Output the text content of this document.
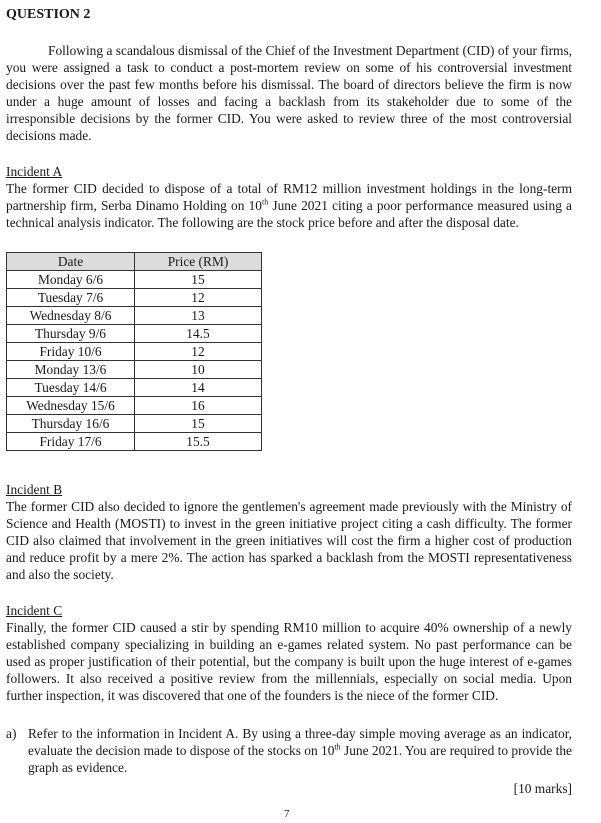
QUESTION 2

Following a scandalous dismissal of the Chief of the Investment Department (CID) of your firms, you were assigned a task to conduct a post-mortem review on some of his controversial investment decisions over the past few months before his dismissal. The board of directors believe the firm is now under a huge amount of losses and facing a backlash from its stakeholder due to some of the irresponsible decisions by the former CID. You were asked to review three of the most controversial decisions made.

Incident A

The former CID decided to dispose of a total of RM12 million investment holdings in the long-term partnership firm, Serba Dinamo Holding on 10th June 2021 citing a poor performance measured using a technical analysis indicator. The following are the stock price before and after the disposal date.

Date	Price (RM)
Monday 6/6	15
Tuesday 7/6	12
Wednesday 8/6	13
Thursday 9/6	14.5
Friday 10/6	12
Monday 13/6	10
Tuesday 14/6	14
Wednesday 15/6	16
Thursday 16/6	15
Friday 17/6	15.5

Incident B

The former CID also decided to ignore the gentlemen's agreement made previously with the Ministry of Science and Health (MOSTI) to invest in the green initiative project citing a cash difficulty. The former CID also claimed that involvement in the green initiatives will cost the firm a higher cost of production and reduce profit by a mere 2%. The action has sparked a backlash from the MOSTI representativeness and also the society.

Incident C

Finally, the former CID caused a stir by spending RM10 million to acquire 40% ownership of a newly established company specializing in building an e-games related system. No past performance can be used as proper justification of their potential, but the company is built upon the huge interest of e-games followers. It also received a positive review from the millennials, especially on social media. Upon further inspection, it was discovered that one of the founders is the niece of the former CID.

a) Refer to the information in Incident A. By using a three-day simple moving average as an indicator, evaluate the decision made to dispose of the stocks on 10th June 2021. You are required to provide the graph as evidence.
[10 marks]
7
